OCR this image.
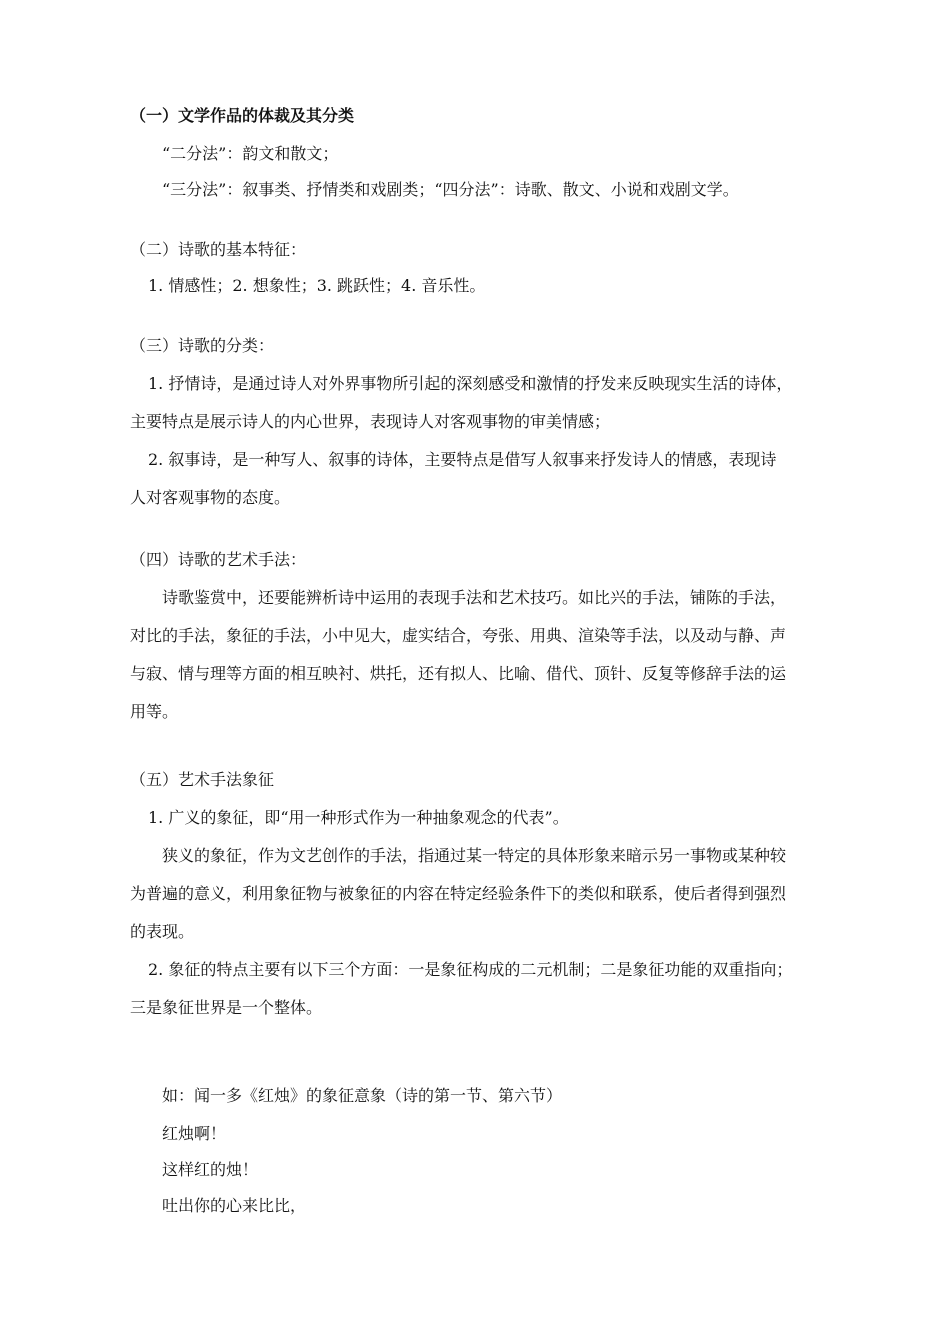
（一）文学作品的体裁及其分类
“二分法”：韵文和散文；
“三分法”：叙事类、抒情类和戏剧类；“四分法”：诗歌、散文、小说和戏剧文学。
（二）诗歌的基本特征：
1. 情感性；2. 想象性；3. 跳跃性；4. 音乐性。
（三）诗歌的分类：
1. 抒情诗，是通过诗人对外界事物所引起的深刻感受和激情的抒发来反映现实生活的诗体，
主要特点是展示诗人的内心世界，表现诗人对客观事物的审美情感；
2. 叙事诗，是一种写人、叙事的诗体，主要特点是借写人叙事来抒发诗人的情感，表现诗
人对客观事物的态度。
（四）诗歌的艺术手法：
诗歌鉴赏中，还要能辨析诗中运用的表现手法和艺术技巧。如比兴的手法，铺陈的手法，
对比的手法，象征的手法，小中见大，虚实结合，夸张、用典、渲染等手法，以及动与静、声
与寂、情与理等方面的相互映衬、烘托，还有拟人、比喻、借代、顶针、反复等修辞手法的运
用等。
（五）艺术手法象征
1. 广义的象征，即“用一种形式作为一种抽象观念的代表”。
狭义的象征，作为文艺创作的手法，指通过某一特定的具体形象来暗示另一事物或某种较
为普遍的意义，利用象征物与被象征的内容在特定经验条件下的类似和联系，使后者得到强烈
的表现。
2. 象征的特点主要有以下三个方面：一是象征构成的二元机制；二是象征功能的双重指向；
三是象征世界是一个整体。
如：闻一多《红烛》的象征意象（诗的第一节、第六节）
红烛啊！
这样红的烛！
吐出你的心来比比，
